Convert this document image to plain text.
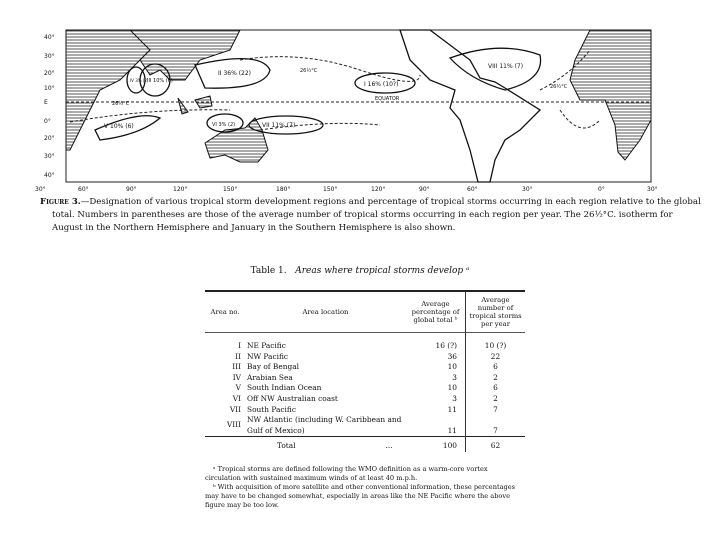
I 16% (10?)
II 36% (22)
III 10% (6)
IV 3% (2)
V 10% (6)	VI 3% (2)	VII 11% (7)
VIII 11% (7)
EQUATOR
26½°C
26½°C
26½°C
40°
30°
20°
10°
E
0°
20°
30°
40°
30°	60°	90°	120°	150°	180°	150°	120°	90°	60°	30°	0°	30°
Figure 3.—Designation of various tropical storm development regions and percentage of tropical storms occurring in each region relative to the global total. Numbers in parentheses are those of the average number of tropical storms occurring in each region per year. The 26½°C. isotherm for August in the Northern Hemisphere and January in the Southern Hemisphere is also shown.
Table 1. Areas where tropical storms develop ᵃ
Area no.	Area location	Average percentage of global total ᵇ	Average number of tropical storms per year
I	NE Pacific	16 (?)	10 (?)
II	NW Pacific	36	22
III	Bay of Bengal	10	6
IV	Arabian Sea	3	2
V	South Indian Ocean	10	6
VI	Off NW Australian coast	3	2
VII	South Pacific	11	7
VIII	NW Atlantic (including W. Caribbean and Gulf of Mexico)	11	7
	Total ...	100	62

ᵃ Tropical storms are defined following the WMO definition as a warm-core vortex circulation with sustained maximum winds of at least 40 m.p.h.

ᵇ With acquisition of more satellite and other conventional information, these percentages may have to be changed somewhat, especially in areas like the NE Pacific where the above figure may be too low.
